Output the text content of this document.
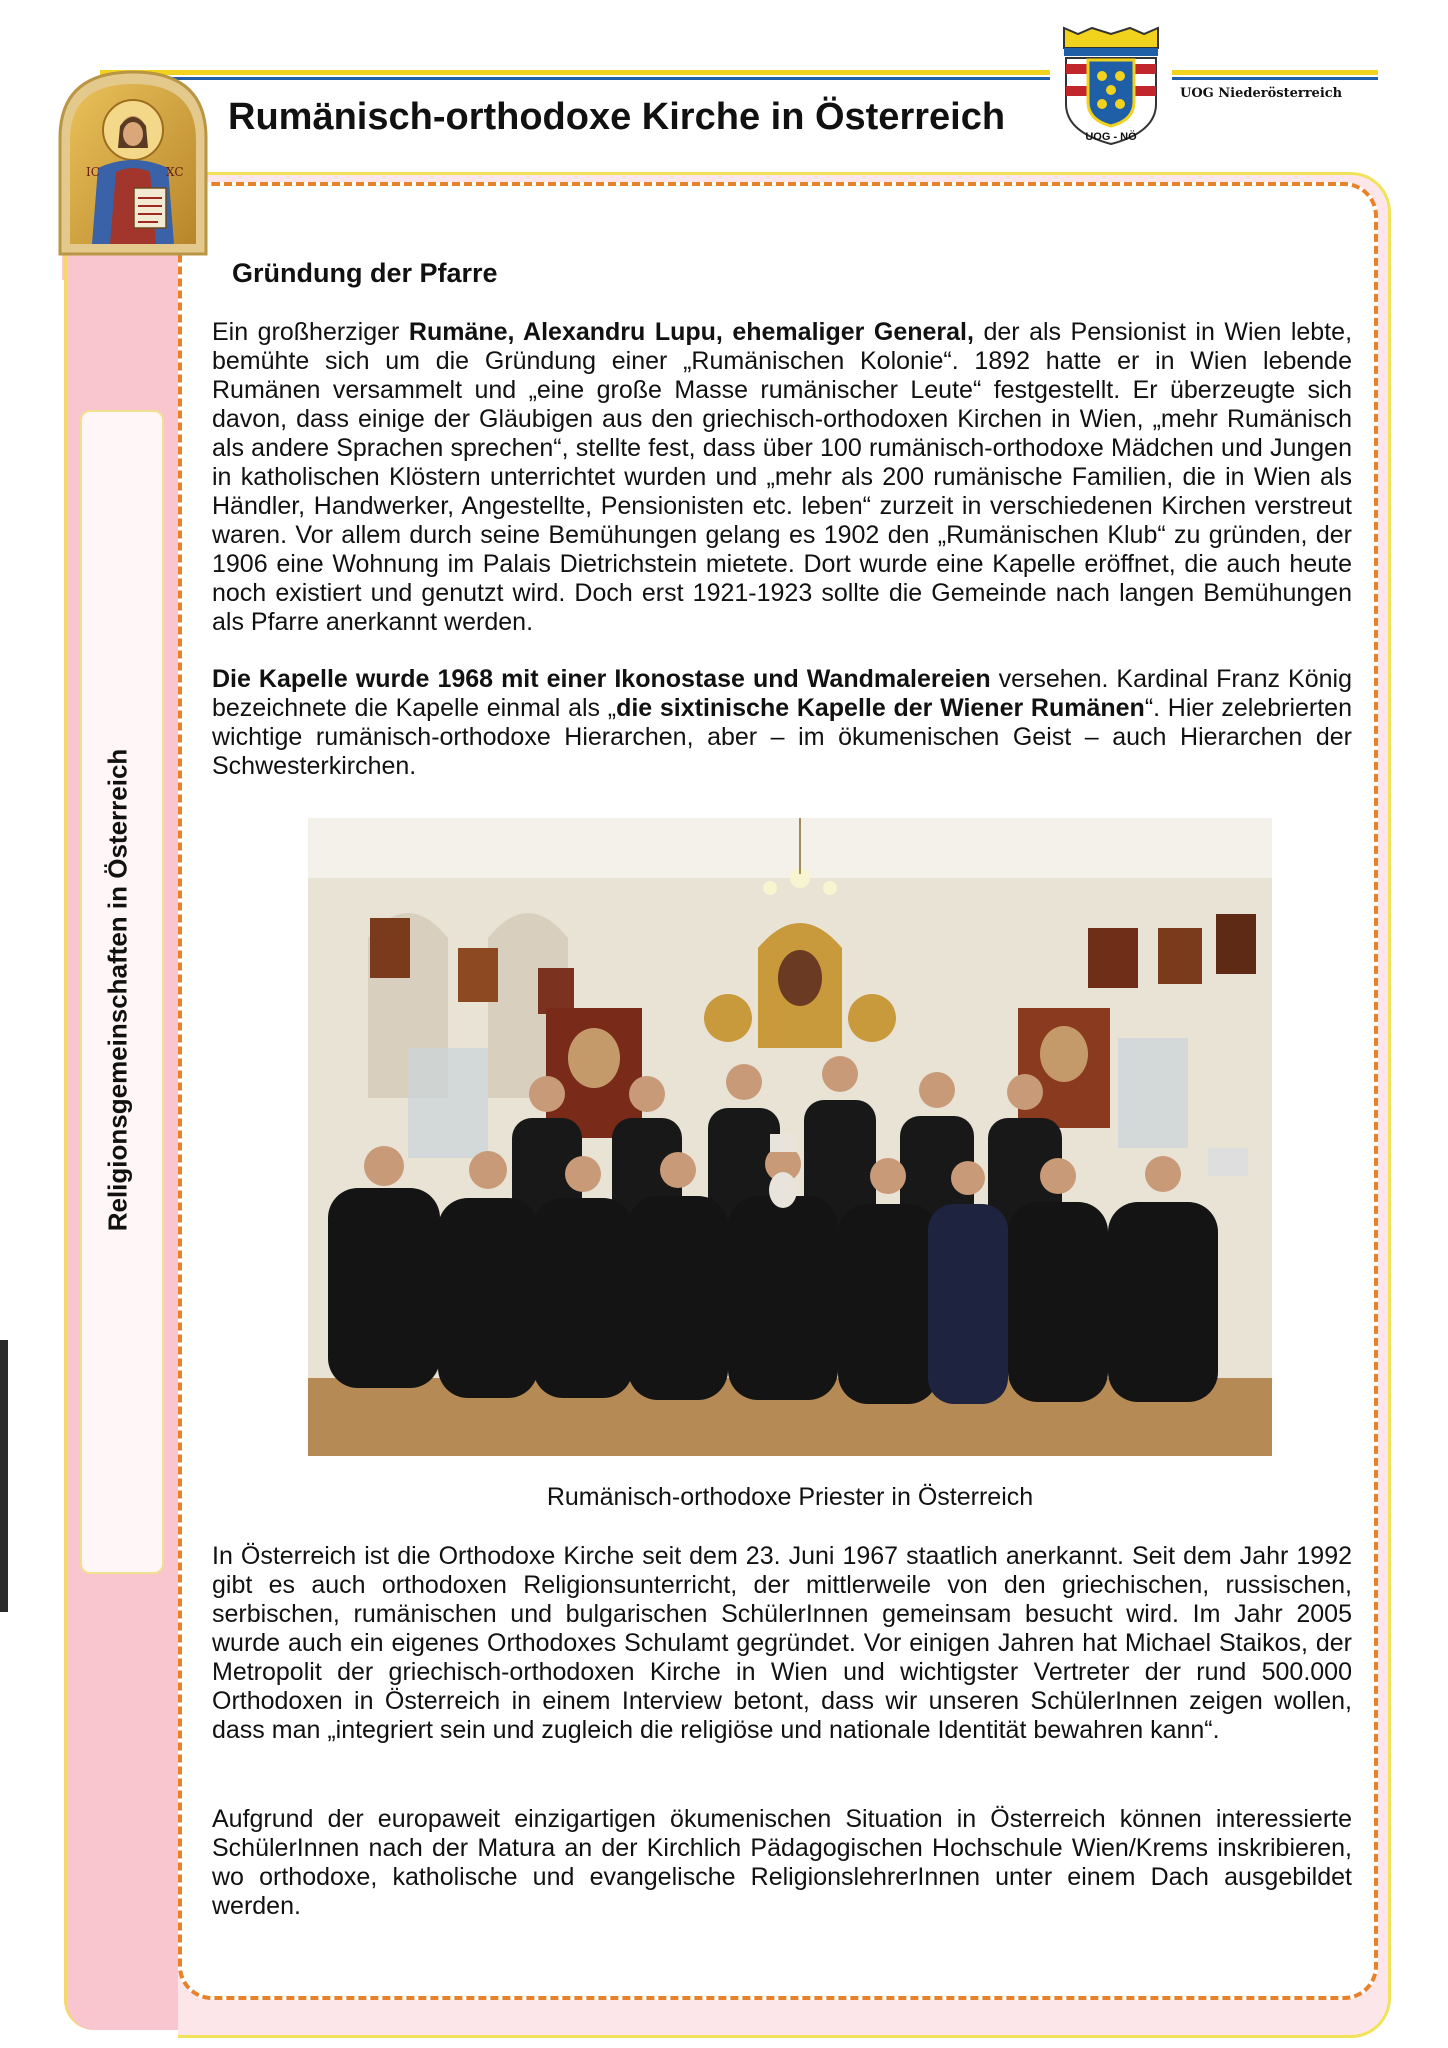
Religionsgemeinschaften in Österreich
IC	XC
Rumänisch-orthodoxe Kirche in Österreich	UOG - NÖ
UOG Niederösterreich
Gründung der Pfarre

Ein großherziger Rumäne, Alexandru Lupu, ehemaliger General, der als Pensionist in Wien lebte, bemühte sich um die Gründung einer „Rumänischen Kolonie“. 1892 hatte er in Wien lebende Rumänen versammelt und „eine große Masse rumänischer Leute“ festgestellt. Er überzeugte sich davon, dass einige der Gläubigen aus den griechisch-orthodoxen Kirchen in Wien, „mehr Rumänisch als andere Sprachen sprechen“, stellte fest, dass über 100 rumänisch-orthodoxe Mädchen und Jungen in katholischen Klöstern unterrichtet wurden und „mehr als 200 rumänische Familien, die in Wien als Händler, Handwerker, Angestellte, Pensionisten etc. leben“ zurzeit in verschiedenen Kirchen verstreut waren. Vor allem durch seine Bemühungen gelang es 1902 den „Rumänischen Klub“ zu gründen, der 1906 eine Wohnung im Palais Dietrichstein mietete. Dort wurde eine Kapelle eröffnet, die auch heute noch existiert und genutzt wird. Doch erst 1921-1923 sollte die Gemeinde nach langen Bemühungen als Pfarre anerkannt werden.

Die Kapelle wurde 1968 mit einer Ikonostase und Wandmalereien versehen. Kardinal Franz König bezeichnete die Kapelle einmal als „die sixtinische Kapelle der Wiener Rumänen“. Hier zelebrierten wichtige rumänisch-orthodoxe Hierarchen, aber – im ökumenischen Geist – auch Hierarchen der Schwesterkirchen.

Rumänisch-orthodoxe Priester in Österreich

In Österreich ist die Orthodoxe Kirche seit dem 23. Juni 1967 staatlich anerkannt. Seit dem Jahr 1992 gibt es auch orthodoxen Religionsunterricht, der mittlerweile von den griechischen, russischen, serbischen, rumänischen und bulgarischen SchülerInnen gemeinsam besucht wird. Im Jahr 2005 wurde auch ein eigenes Orthodoxes Schulamt gegründet. Vor einigen Jahren hat Michael Staikos, der Metropolit der griechisch-orthodoxen Kirche in Wien und wichtigster Vertreter der rund 500.000 Orthodoxen in Österreich in einem Interview betont, dass wir unseren SchülerInnen zeigen wollen, dass man „integriert sein und zugleich die religiöse und nationale Identität bewahren kann“.

Aufgrund der europaweit einzigartigen ökumenischen Situation in Österreich können interessierte SchülerInnen nach der Matura an der Kirchlich Pädagogischen Hochschule Wien/Krems inskribieren, wo orthodoxe, katholische und evangelische ReligionslehrerInnen unter einem Dach ausgebildet werden.
